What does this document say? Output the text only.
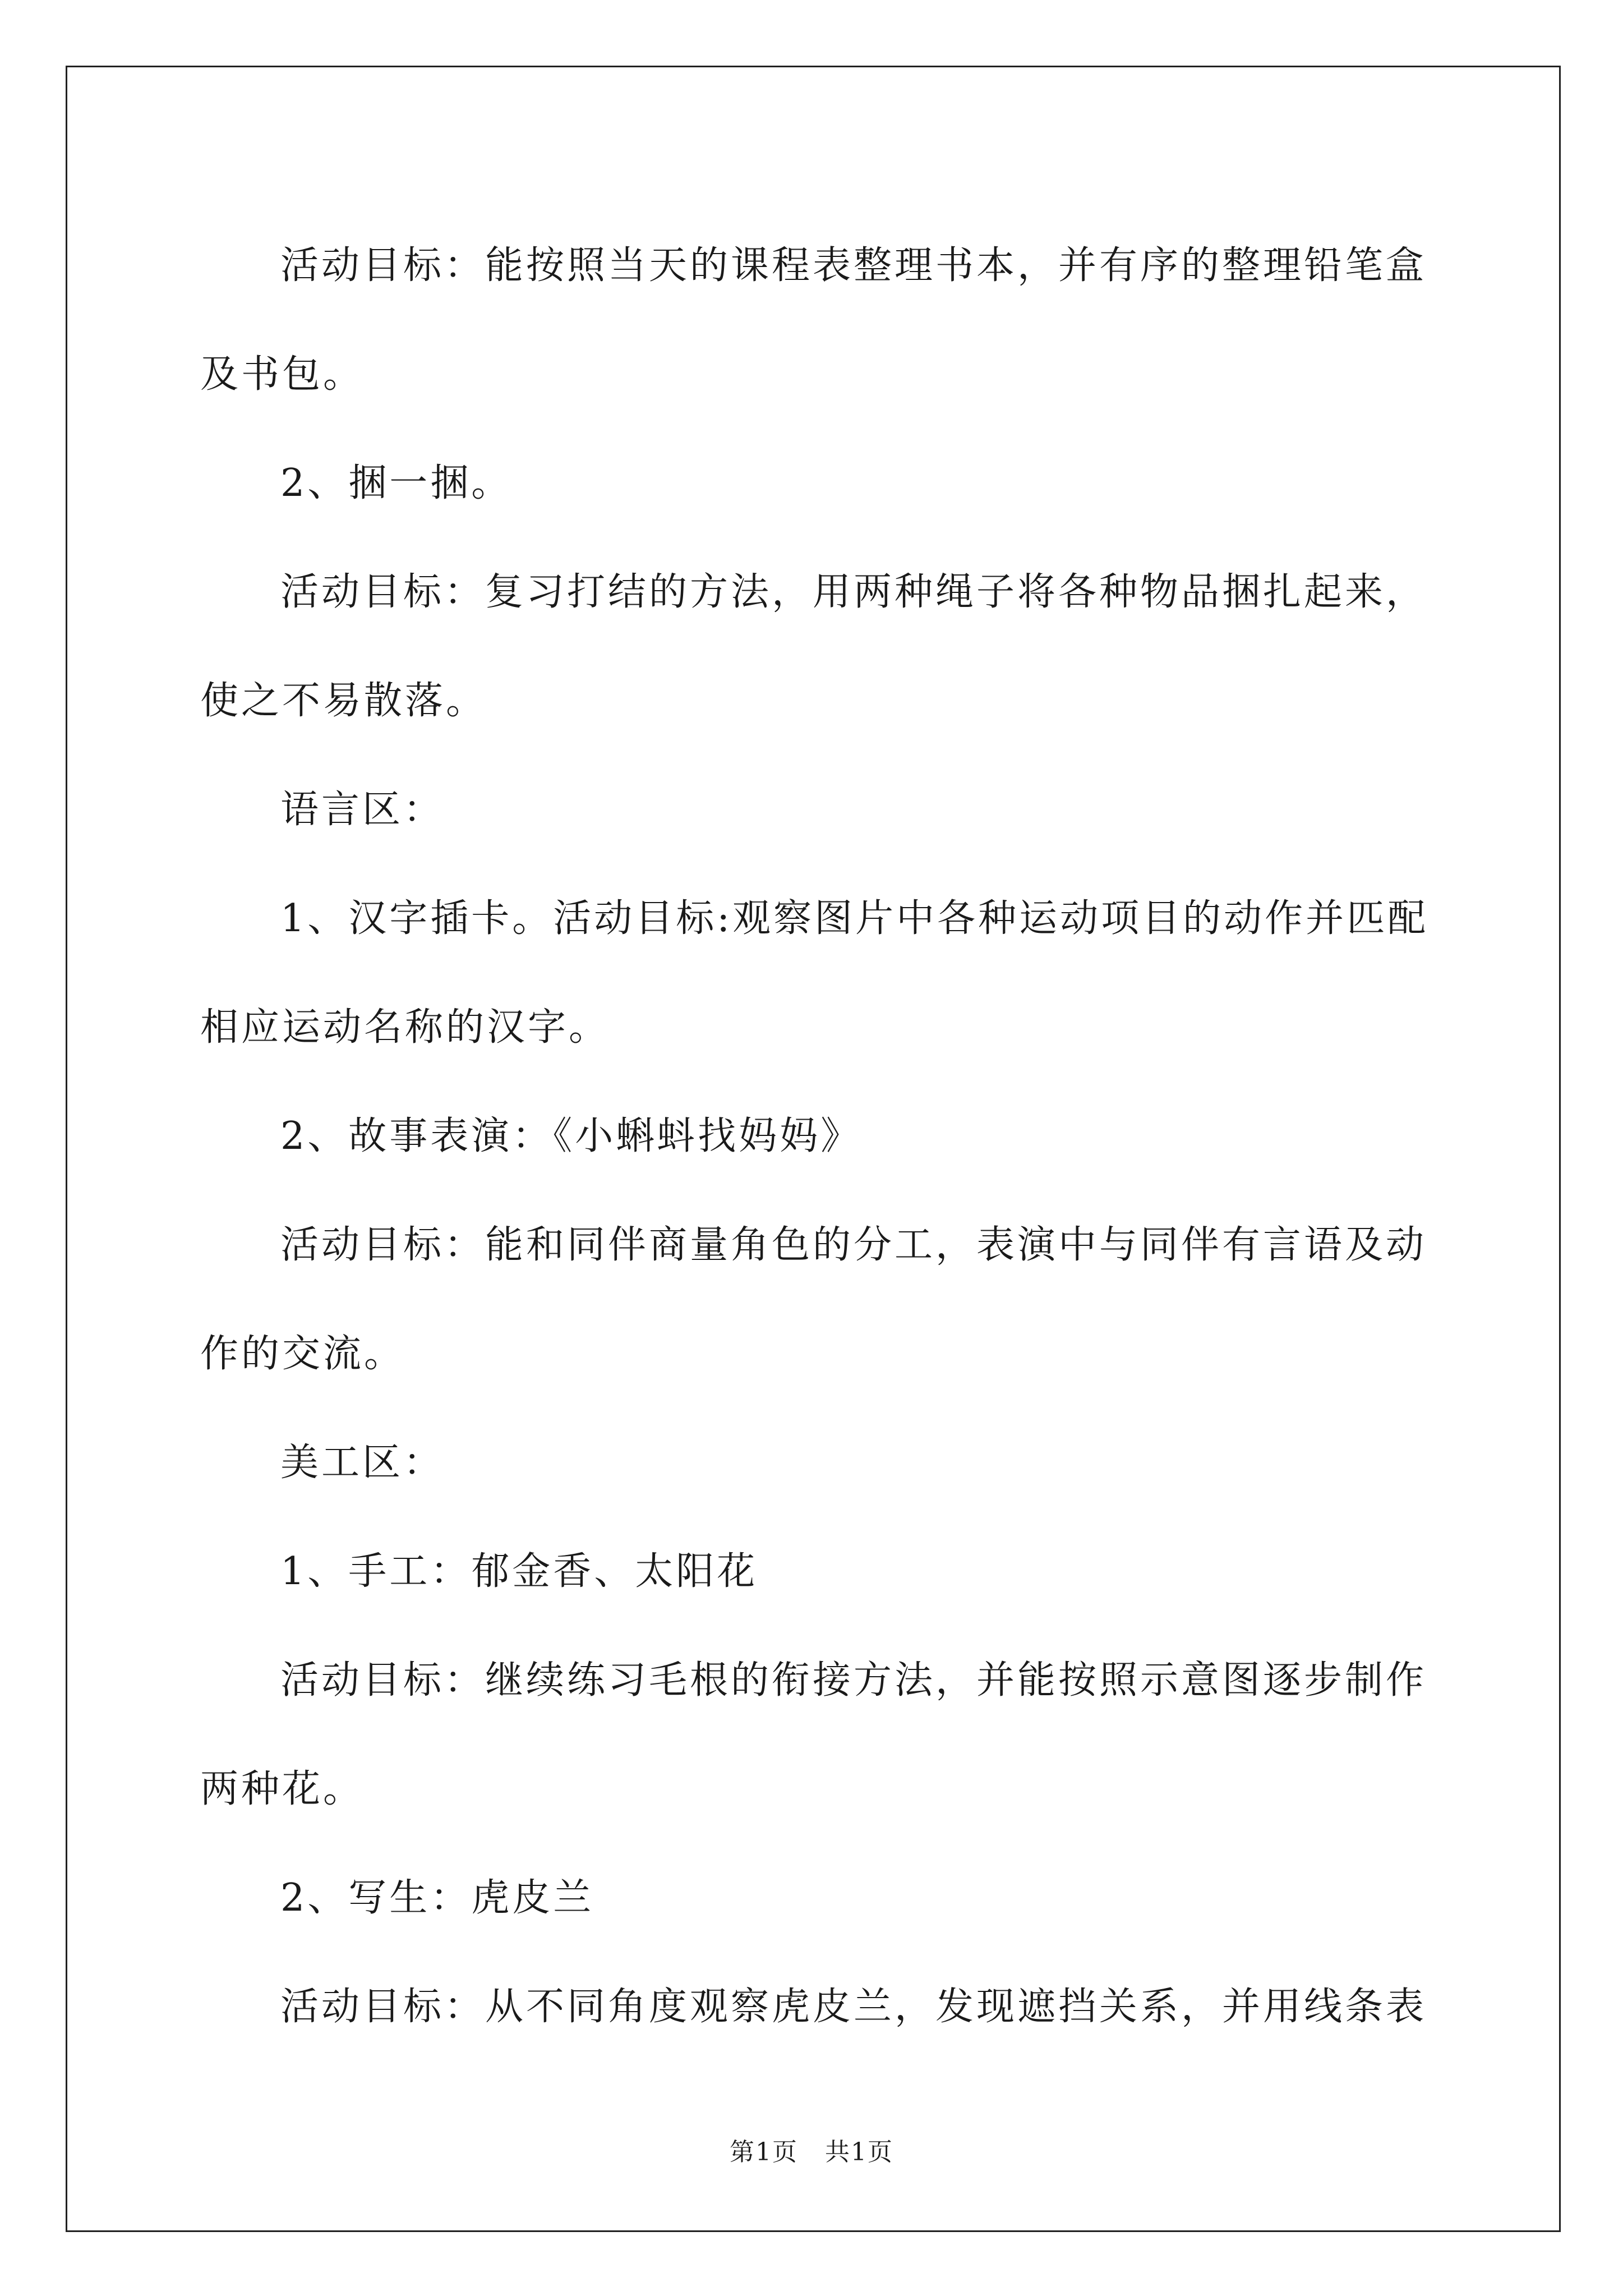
活动目标：能按照当天的课程表整理书本，并有序的整理铅笔盒
及书包。

2、捆一捆。

活动目标：复习打结的方法，用两种绳子将各种物品捆扎起来，
使之不易散落。

语言区：

1、汉字插卡。活动目标:观察图片中各种运动项目的动作并匹配
相应运动名称的汉字。

2、故事表演：《小蝌蚪找妈妈》

活动目标：能和同伴商量角色的分工，表演中与同伴有言语及动
作的交流。

美工区：

1、手工：郁金香、太阳花

活动目标：继续练习毛根的衔接方法，并能按照示意图逐步制作
两种花。

2、写生：虎皮兰

活动目标：从不同角度观察虎皮兰，发现遮挡关系，并用线条表

第1页 共1页
